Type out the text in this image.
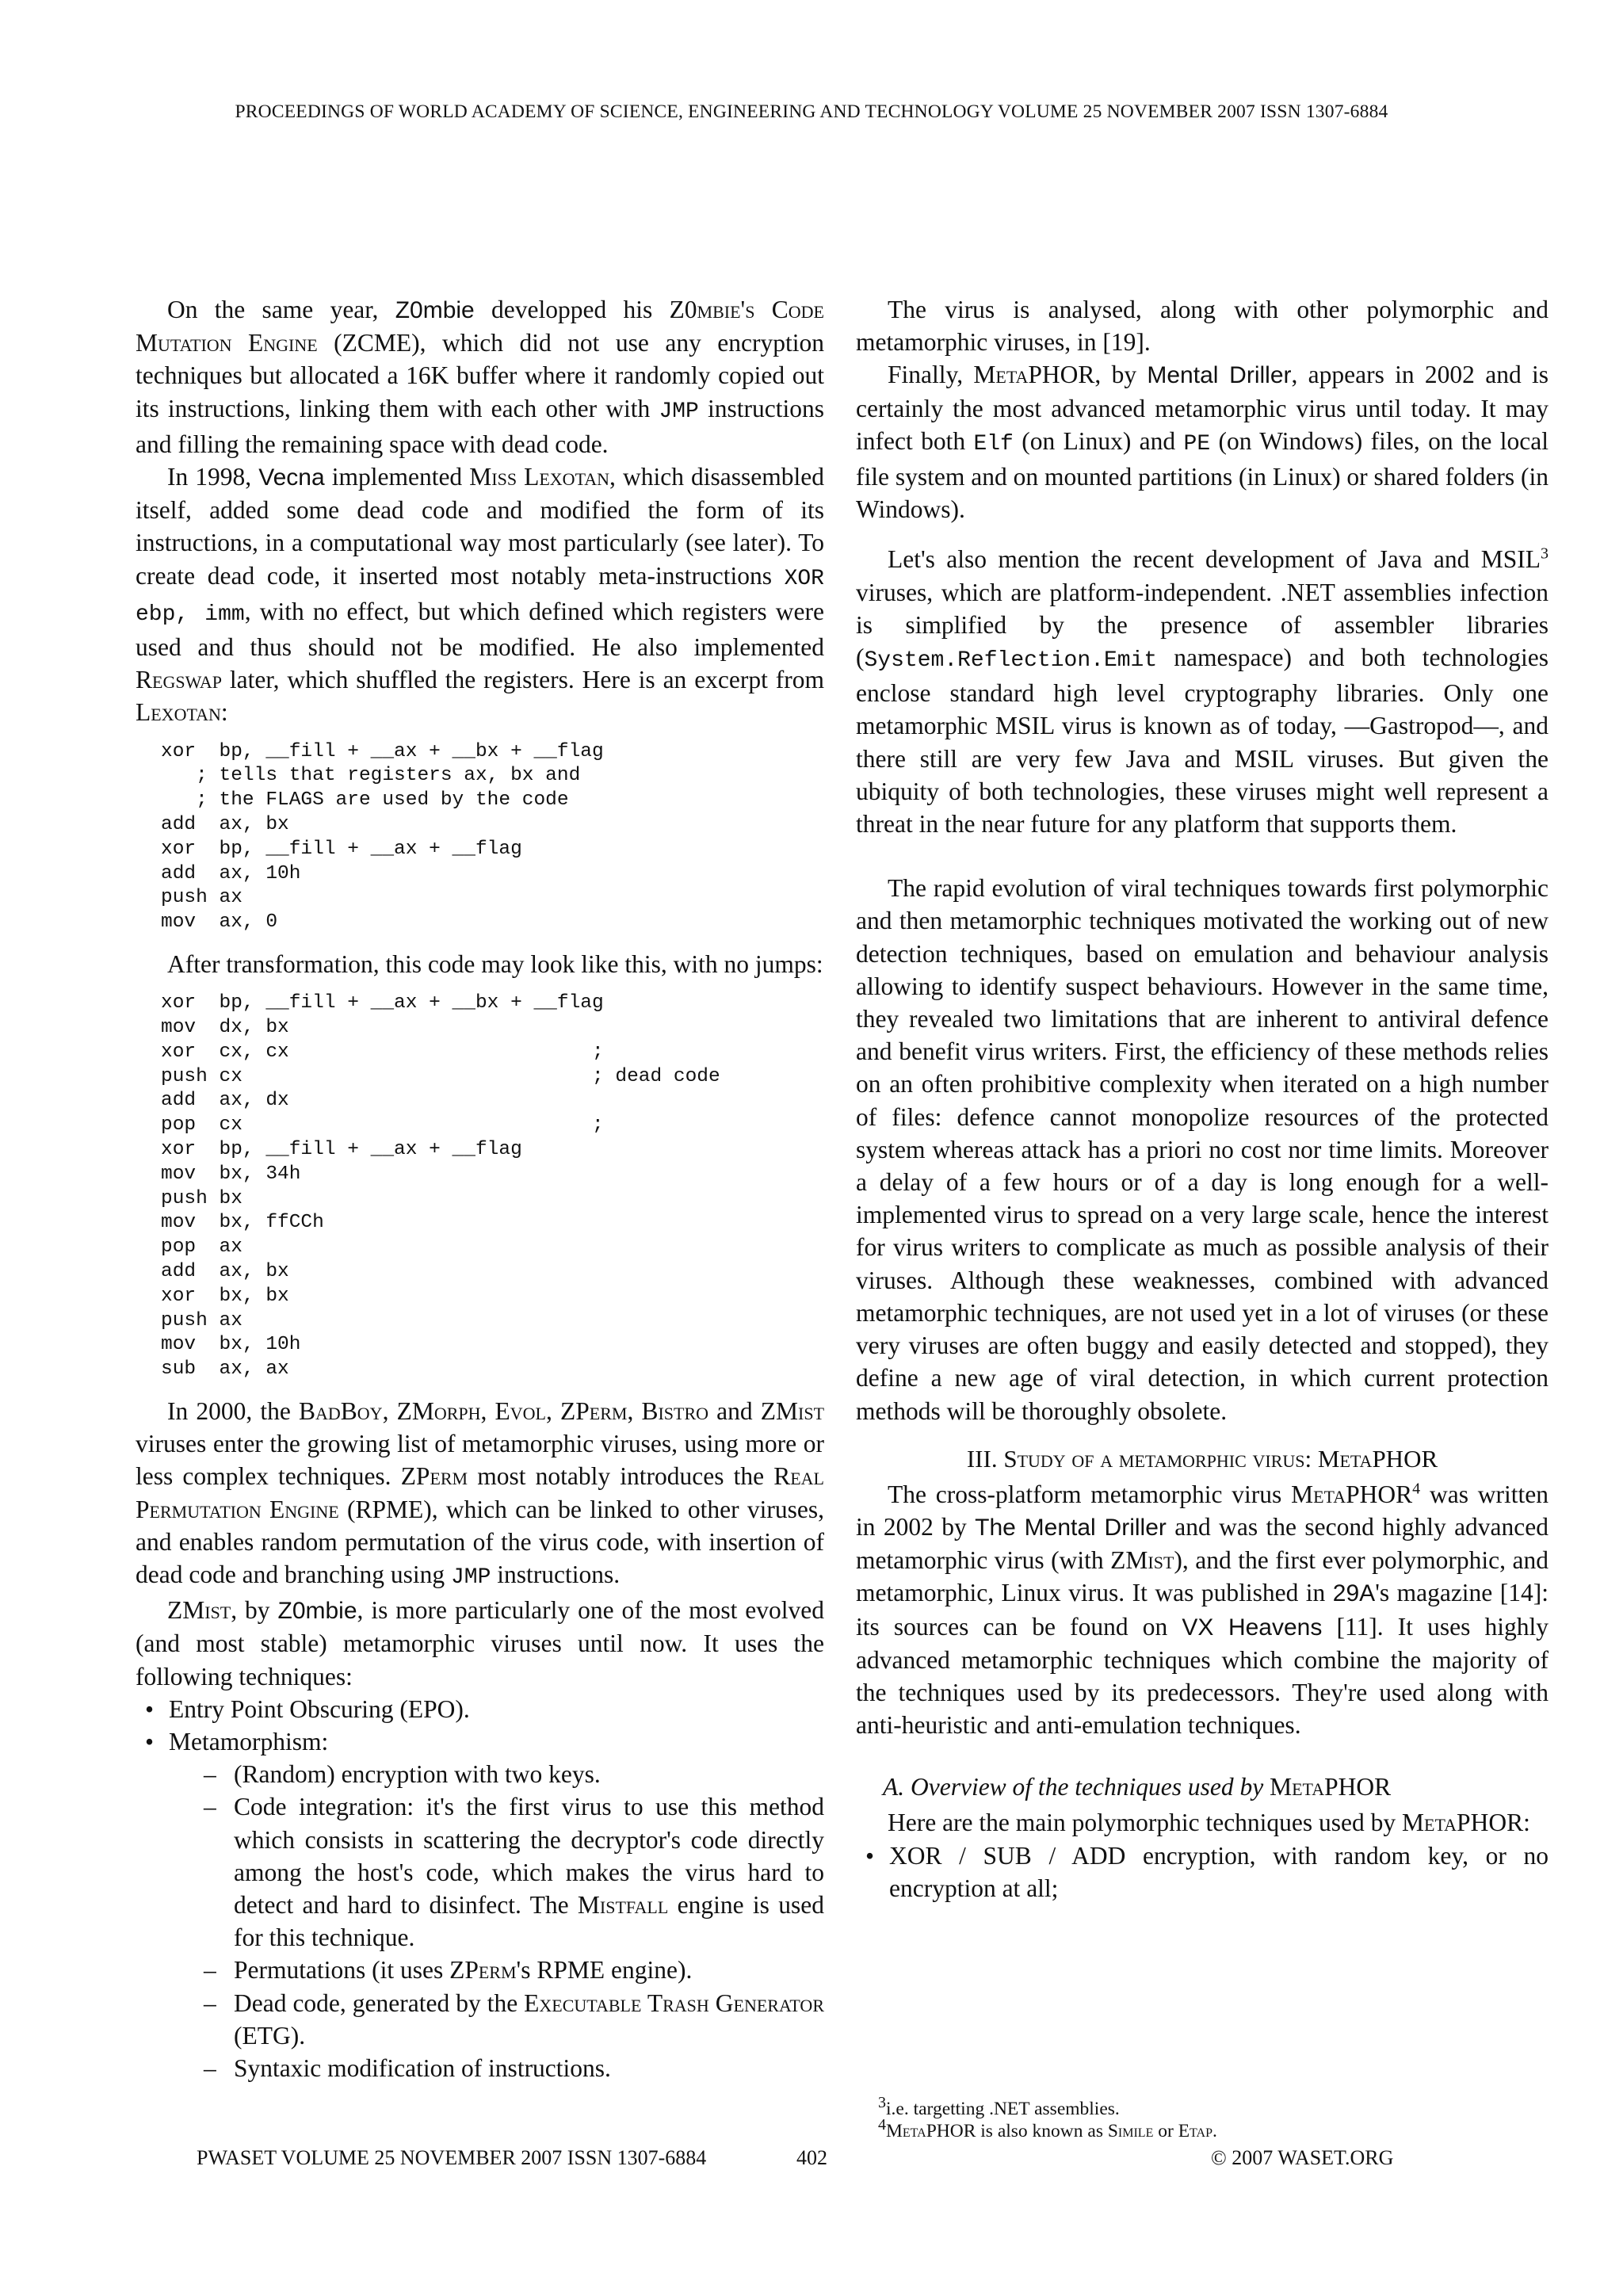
PROCEEDINGS OF WORLD ACADEMY OF SCIENCE, ENGINEERING AND TECHNOLOGY VOLUME 25 NOVEMBER 2007 ISSN 1307-6884

On the same year, Z0mbie developped his Z0mbie's Code Mutation Engine (ZCME), which did not use any encryption techniques but allocated a 16K buffer where it randomly copied out its instructions, linking them with each other with JMP instructions and filling the remaining space with dead code.

In 1998, Vecna implemented Miss Lexotan, which disassembled itself, added some dead code and modified the form of its instructions, in a computational way most particularly (see later). To create dead code, it inserted most notably meta-instructions XOR ebp, imm, with no effect, but which defined which registers were used and thus should not be modified. He also implemented Regswap later, which shuffled the registers. Here is an excerpt from Lexotan:

xor  bp, __fill + __ax + __bx + __flag
; tells that registers ax, bx and
; the FLAGS are used by the code
add  ax, bx
xor  bp, __fill + __ax + __flag
add  ax, 10h
push ax
mov  ax, 0

After transformation, this code may look like this, with no jumps:

xor  bp, __fill + __ax + __bx + __flag
mov  dx, bx
xor  cx, cx                          ;
push cx                              ; dead code
add  ax, dx
pop  cx                              ;
xor  bp, __fill + __ax + __flag
mov  bx, 34h
push bx
mov  bx, ffCCh
pop  ax
add  ax, bx
xor  bx, bx
push ax
mov  bx, 10h
sub  ax, ax

In 2000, the BadBoy, ZMorph, Evol, ZPerm, Bistro and ZMist viruses enter the growing list of metamorphic viruses, using more or less complex techniques. ZPerm most notably introduces the Real Permutation Engine (RPME), which can be linked to other viruses, and enables random permutation of the virus code, with insertion of dead code and branching using JMP instructions.

ZMist, by Z0mbie, is more particularly one of the most evolved (and most stable) metamorphic viruses until now. It uses the following techniques:

• Entry Point Obscuring (EPO).
• Metamorphism:
– (Random) encryption with two keys.
– Code integration: it's the first virus to use this method which consists in scattering the decryptor's code directly among the host's code, which makes the virus hard to detect and hard to disinfect. The Mistfall engine is used for this technique.
– Permutations (it uses ZPerm's RPME engine).
– Dead code, generated by the Executable Trash Generator (ETG).
– Syntaxic modification of instructions.

The virus is analysed, along with other polymorphic and metamorphic viruses, in [19].

Finally, MetaPHOR, by Mental Driller, appears in 2002 and is certainly the most advanced metamorphic virus until today. It may infect both Elf (on Linux) and PE (on Windows) files, on the local file system and on mounted partitions (in Linux) or shared folders (in Windows).

Let's also mention the recent development of Java and MSIL$^3$ viruses, which are platform-independent. .NET assemblies infection is simplified by the presence of assembler libraries (System.Reflection.Emit namespace) and both technologies enclose standard high level cryptography libraries. Only one metamorphic MSIL virus is known as of today, —Gastropod—, and there still are very few Java and MSIL viruses. But given the ubiquity of both technologies, these viruses might well represent a threat in the near future for any platform that supports them.

The rapid evolution of viral techniques towards first polymorphic and then metamorphic techniques motivated the working out of new detection techniques, based on emulation and behaviour analysis allowing to identify suspect behaviours. However in the same time, they revealed two limitations that are inherent to antiviral defence and benefit virus writers. First, the efficiency of these methods relies on an often prohibitive complexity when iterated on a high number of files: defence cannot monopolize resources of the protected system whereas attack has a priori no cost nor time limits. Moreover a delay of a few hours or of a day is long enough for a well-implemented virus to spread on a very large scale, hence the interest for virus writers to complicate as much as possible analysis of their viruses. Although these weaknesses, combined with advanced metamorphic techniques, are not used yet in a lot of viruses (or these very viruses are often buggy and easily detected and stopped), they define a new age of viral detection, in which current protection methods will be thoroughly obsolete.

III. Study of a metamorphic virus: MetaPHOR

The cross-platform metamorphic virus MetaPHOR$^4$ was written in 2002 by The Mental Driller and was the second highly advanced metamorphic virus (with ZMist), and the first ever polymorphic, and metamorphic, Linux virus. It was published in 29A's magazine [14]: its sources can be found on VX Heavens [11]. It uses highly advanced metamorphic techniques which combine the majority of the techniques used by its predecessors. They're used along with anti-heuristic and anti-emulation techniques.

A. Overview of the techniques used by MetaPHOR

Here are the main polymorphic techniques used by MetaPHOR:

• XOR / SUB / ADD encryption, with random key, or no encryption at all;
$^3$i.e. targetting .NET assemblies.
$^4$MetaPHOR is also known as Simile or Etap.
PWASET VOLUME 25 NOVEMBER 2007 ISSN 1307-6884	402	© 2007 WASET.ORG
